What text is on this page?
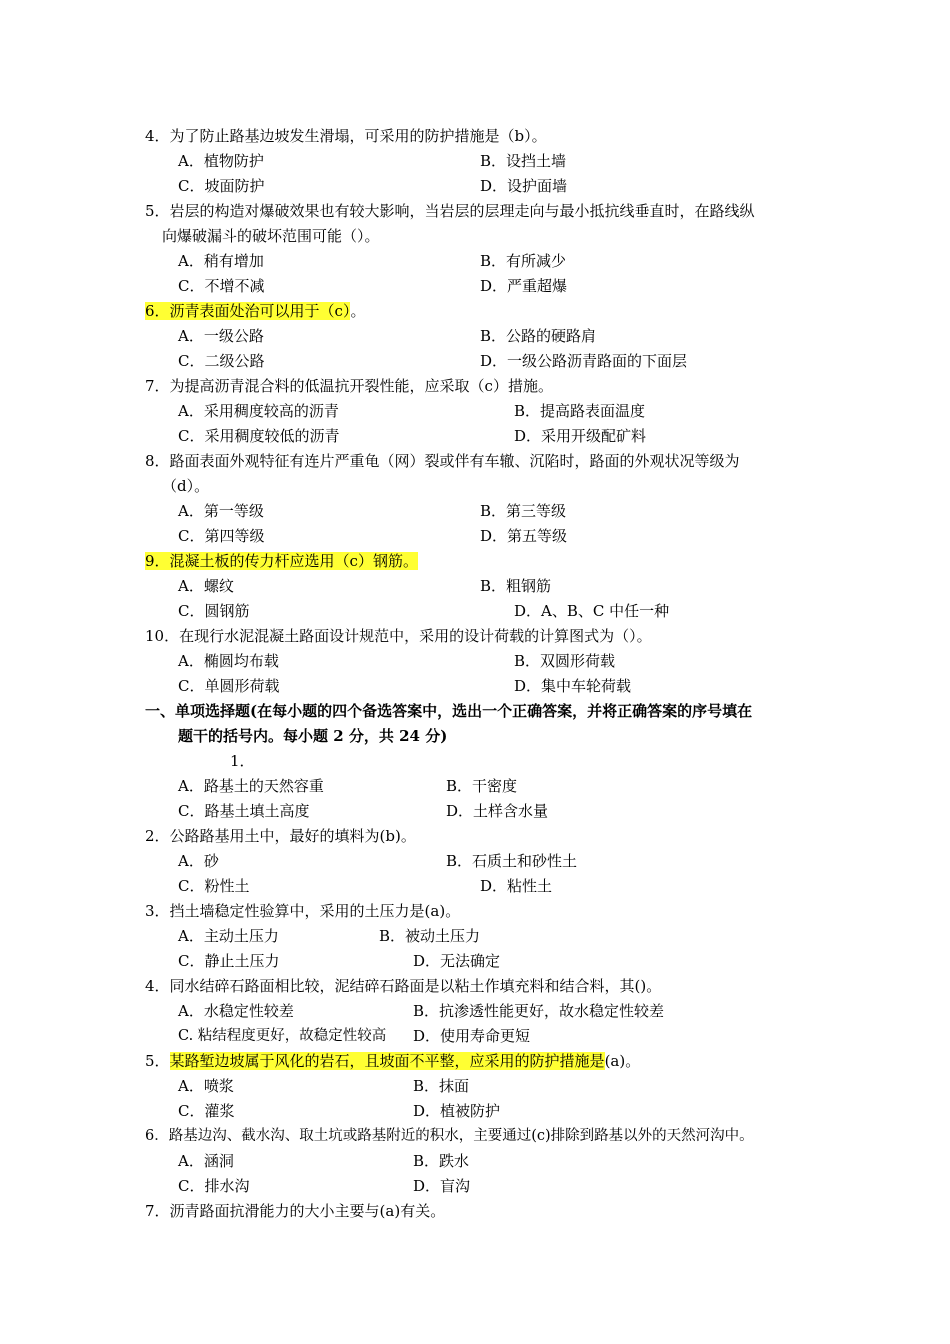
4．为了防止路基边坡发生滑塌，可采用的防护措施是（b）。
A．植物防护	B．设挡土墙
C．坡面防护	D．设护面墙
5．岩层的构造对爆破效果也有较大影响，当岩层的层理走向与最小抵抗线垂直时，在路线纵
向爆破漏斗的破坏范围可能（）。
A．稍有增加	B．有所减少
C．不增不减	D．严重超爆
6．沥青表面处治可以用于（c）。
A．一级公路	B．公路的硬路肩
C．二级公路	D．一级公路沥青路面的下面层
7．为提高沥青混合料的低温抗开裂性能，应采取（c）措施。
A．采用稠度较高的沥青	B．提高路表面温度
C．采用稠度较低的沥青	D．采用开级配矿料
8．路面表面外观特征有连片严重龟（网）裂或伴有车辙、沉陷时，路面的外观状况等级为
（d）。
A．第一等级	B．第三等级
C．第四等级	D．第五等级
9．混凝土板的传力杆应选用（c）钢筋。
A．螺纹	B．粗钢筋
C．圆钢筋	D．A、B、C 中任一种
10．在现行水泥混凝土路面设计规范中，采用的设计荷载的计算图式为（）。
A．椭圆均布载	B．双圆形荷载
C．单圆形荷载	D．集中车轮荷载
一、单项选择题(在每小题的四个备选答案中，选出一个正确答案，并将正确答案的序号填在
题干的括号内。每小题 2 分，共 24 分)
1．
A．路基土的天然容重	B．干密度
C．路基土填土高度	D．土样含水量
2．公路路基用土中，最好的填料为(b)。
A．砂	B．石质土和砂性土
C．粉性土	D．粘性土
3．挡土墙稳定性验算中，采用的土压力是(a)。
A．主动土压力	B．被动土压力
C．静止土压力	D．无法确定
4．同水结碎石路面相比较，泥结碎石路面是以粘土作填充料和结合料，其()。
A．水稳定性较差	B．抗渗透性能更好，故水稳定性较差
C. 粘结程度更好，故稳定性较高 D．使用寿命更短
5．某路堑边坡属于风化的岩石，且坡面不平整，应采用的防护措施是(a)。
A．喷浆	B．抹面
C．灌浆	D．植被防护
6．路基边沟、截水沟、取土坑或路基附近的积水，主要通过(c)排除到路基以外的天然河沟中。
A．涵洞	B．跌水
C．排水沟	D．盲沟
7．沥青路面抗滑能力的大小主要与(a)有关。
